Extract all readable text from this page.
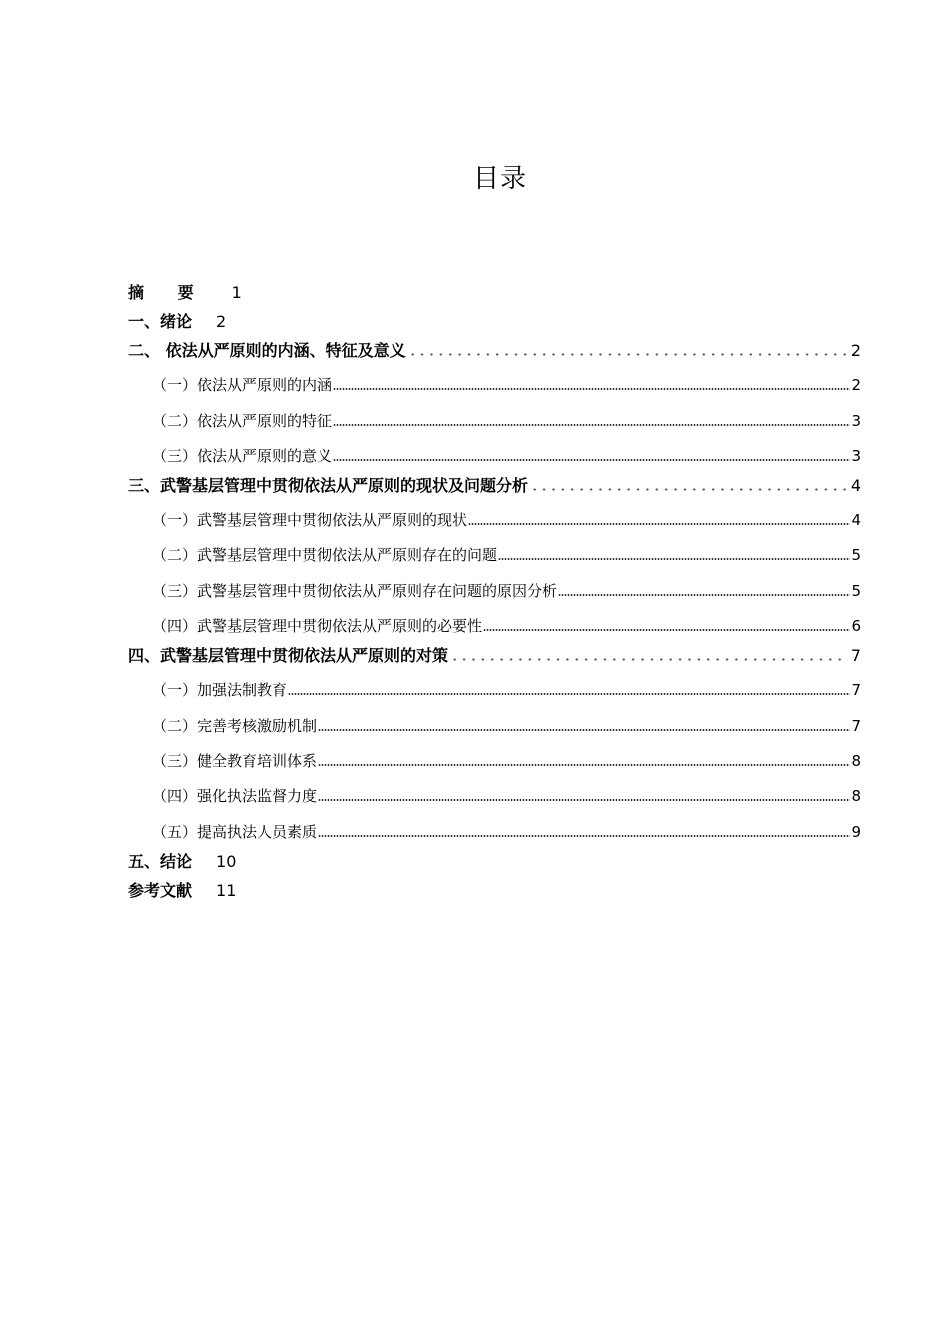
目录
摘 要 1
一、绪论 2
二、 依法从严原则的内涵、特征及意义	2
（一）依法从严原则的内涵	2
（二）依法从严原则的特征	3
（三）依法从严原则的意义	3
三、武警基层管理中贯彻依法从严原则的现状及问题分析	4
（一）武警基层管理中贯彻依法从严原则的现状	4
（二）武警基层管理中贯彻依法从严原则存在的问题	5
（三）武警基层管理中贯彻依法从严原则存在问题的原因分析	5
（四）武警基层管理中贯彻依法从严原则的必要性	6
四、武警基层管理中贯彻依法从严原则的对策	7
（一）加强法制教育	7
（二）完善考核激励机制	7
（三）健全教育培训体系	8
（四）强化执法监督力度	8
（五）提高执法人员素质	9
五、结论 10
参考文献 11
